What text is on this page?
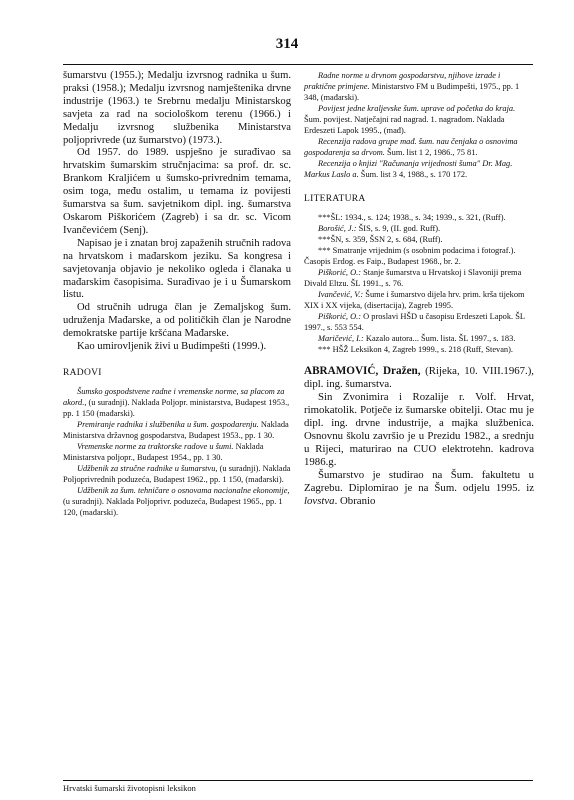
314

šumarstvu (1955.); Medalju izvrsnog radnika u šum. praksi (1958.); Medalju izvrsnog namještenika drvne industrije (1963.) te Srebrnu medalju Ministarskog savjeta za rad na sociološkom terenu (1966.) i Medalju izvrsnog službenika Ministarstva poljoprivrede (uz šumarstvo) (1973.).

Od 1957. do 1989. uspješno je surađivao sa hrvatskim šumarskim stručnjacima: sa prof. dr. sc. Brankom Kraljićem u šumsko-privrednim temama, osim toga, među ostalim, u temama iz povijesti šumarstva sa šum. savjetnikom dipl. ing. šumarstva Oskarom Piškorićem (Zagreb) i sa dr. sc. Vicom Ivančevićem (Senj).

Napisao je i znatan broj zapaženih stručnih radova na hrvatskom i mađarskom jeziku. Sa kongresa i savjetovanja objavio je nekoliko ogleda i članaka u mađarskim časopisima. Surađivao je i u Šumarskom listu.

Od stručnih udruga član je Zemaljskog šum. udruženja Mađarske, a od političkih član je Narodne demokratske partije kršćana Mađarske.

Kao umirovljenik živi u Budimpešti (1999.).

RADOVI
Šumsko gospodstvene radne i vremenske norme, sa placom za akord., (u suradnji). Naklada Poljopr. ministarstva, Budapest 1953., pp. 1 150 (mađarski).
Premiranje radnika i službenika u šum. gospodarenju. Naklada Ministarstva državnog gospodarstva, Budapest 1953., pp. 1 30.
Vremenske norme za traktorske radove u šumi. Naklada Ministarstva poljopr., Budapest 1954., pp. 1 30.
Udžbenik za stručne radnike u šumarstvu, (u suradnji). Naklada Poljoprivrednih poduzeća, Budapest 1962., pp. 1 150, (mađarski).
Udžbenik za šum. tehničare o osnovama nacionalne ekonomije, (u suradnji). Naklada Poljoprivr. poduzeća, Budapest 1965., pp. 1 120, (mađarski).
Radne norme u drvnom gospodarstvu, njihove izrade i praktične primjene. Ministarstvo FM u Budimpešti, 1975., pp. 1 348, (mađarski).
Povijest jedne kraljevske šum. uprave od početka do kraja. Šum. povijest. Natječajni rad nagrad. 1. nagradom. Naklada Erdeszeti Lapok 1995., (mađ).
Recenzija radova grupe mađ. šum. nau čenjaka o osnovima gospodarenja sa drvom. Šum. list 1 2, 1986., 75 81.
Recenzija o knjizi "Računanja vrijednosti šuma" Dr. Mag. Markus Laslo a. Šum. list 3 4, 1988., s. 170 172.
LITERATURA
***ŠL: 1934., s. 124; 1938., s. 34; 1939., s. 321, (Ruff).
Borošić, J.: ŠIS, s. 9, (II. god. Ruff).
***ŠN, s. 359, ŠSN 2, s. 684, (Ruff).
*** Smatranje vrijednim (s osobnim podacima i fotograf.). Časopis Erdog. es Faip., Budapest 1968., br. 2.
Piškorić, O.: Stanje šumarstva u Hrvatskoj i Slavoniji prema Divald Eltzu. ŠL 1991., s. 76.
Ivančević, V.: Šume i šumarstvo dijela hrv. prim. krša tijekom XIX i XX vijeka, (disertacija), Zagreb 1995.
Piškorić, O.: O proslavi HŠD u časopisu Erdeszeti Lapok. ŠL 1997., s. 553 554.
Maričević, I.: Kazalo autora... Šum. lista. ŠL 1997., s. 183.
*** HŠŽ Leksikon 4, Zagreb 1999., s. 218 (Ruff, Stevan).

ABRAMOVIĆ, Dražen, (Rijeka, 10. VIII.1967.), dipl. ing. šumarstva.

Sin Zvonimira i Rozalije r. Volf. Hrvat, rimokatolik. Potječe iz šumarske obitelji. Otac mu je dipl. ing. drvne industrije, a majka službenica. Osnovnu školu završio je u Prezidu 1982., a srednju u Rijeci, maturirao na CUO elektrotehn. kadrova 1986.g.

Šumarstvo je studirao na Šum. fakultetu u Zagrebu. Diplomirao je na Šum. odjelu 1995. iz lovstva. Obranio

Hrvatski šumarski životopisni leksikon
